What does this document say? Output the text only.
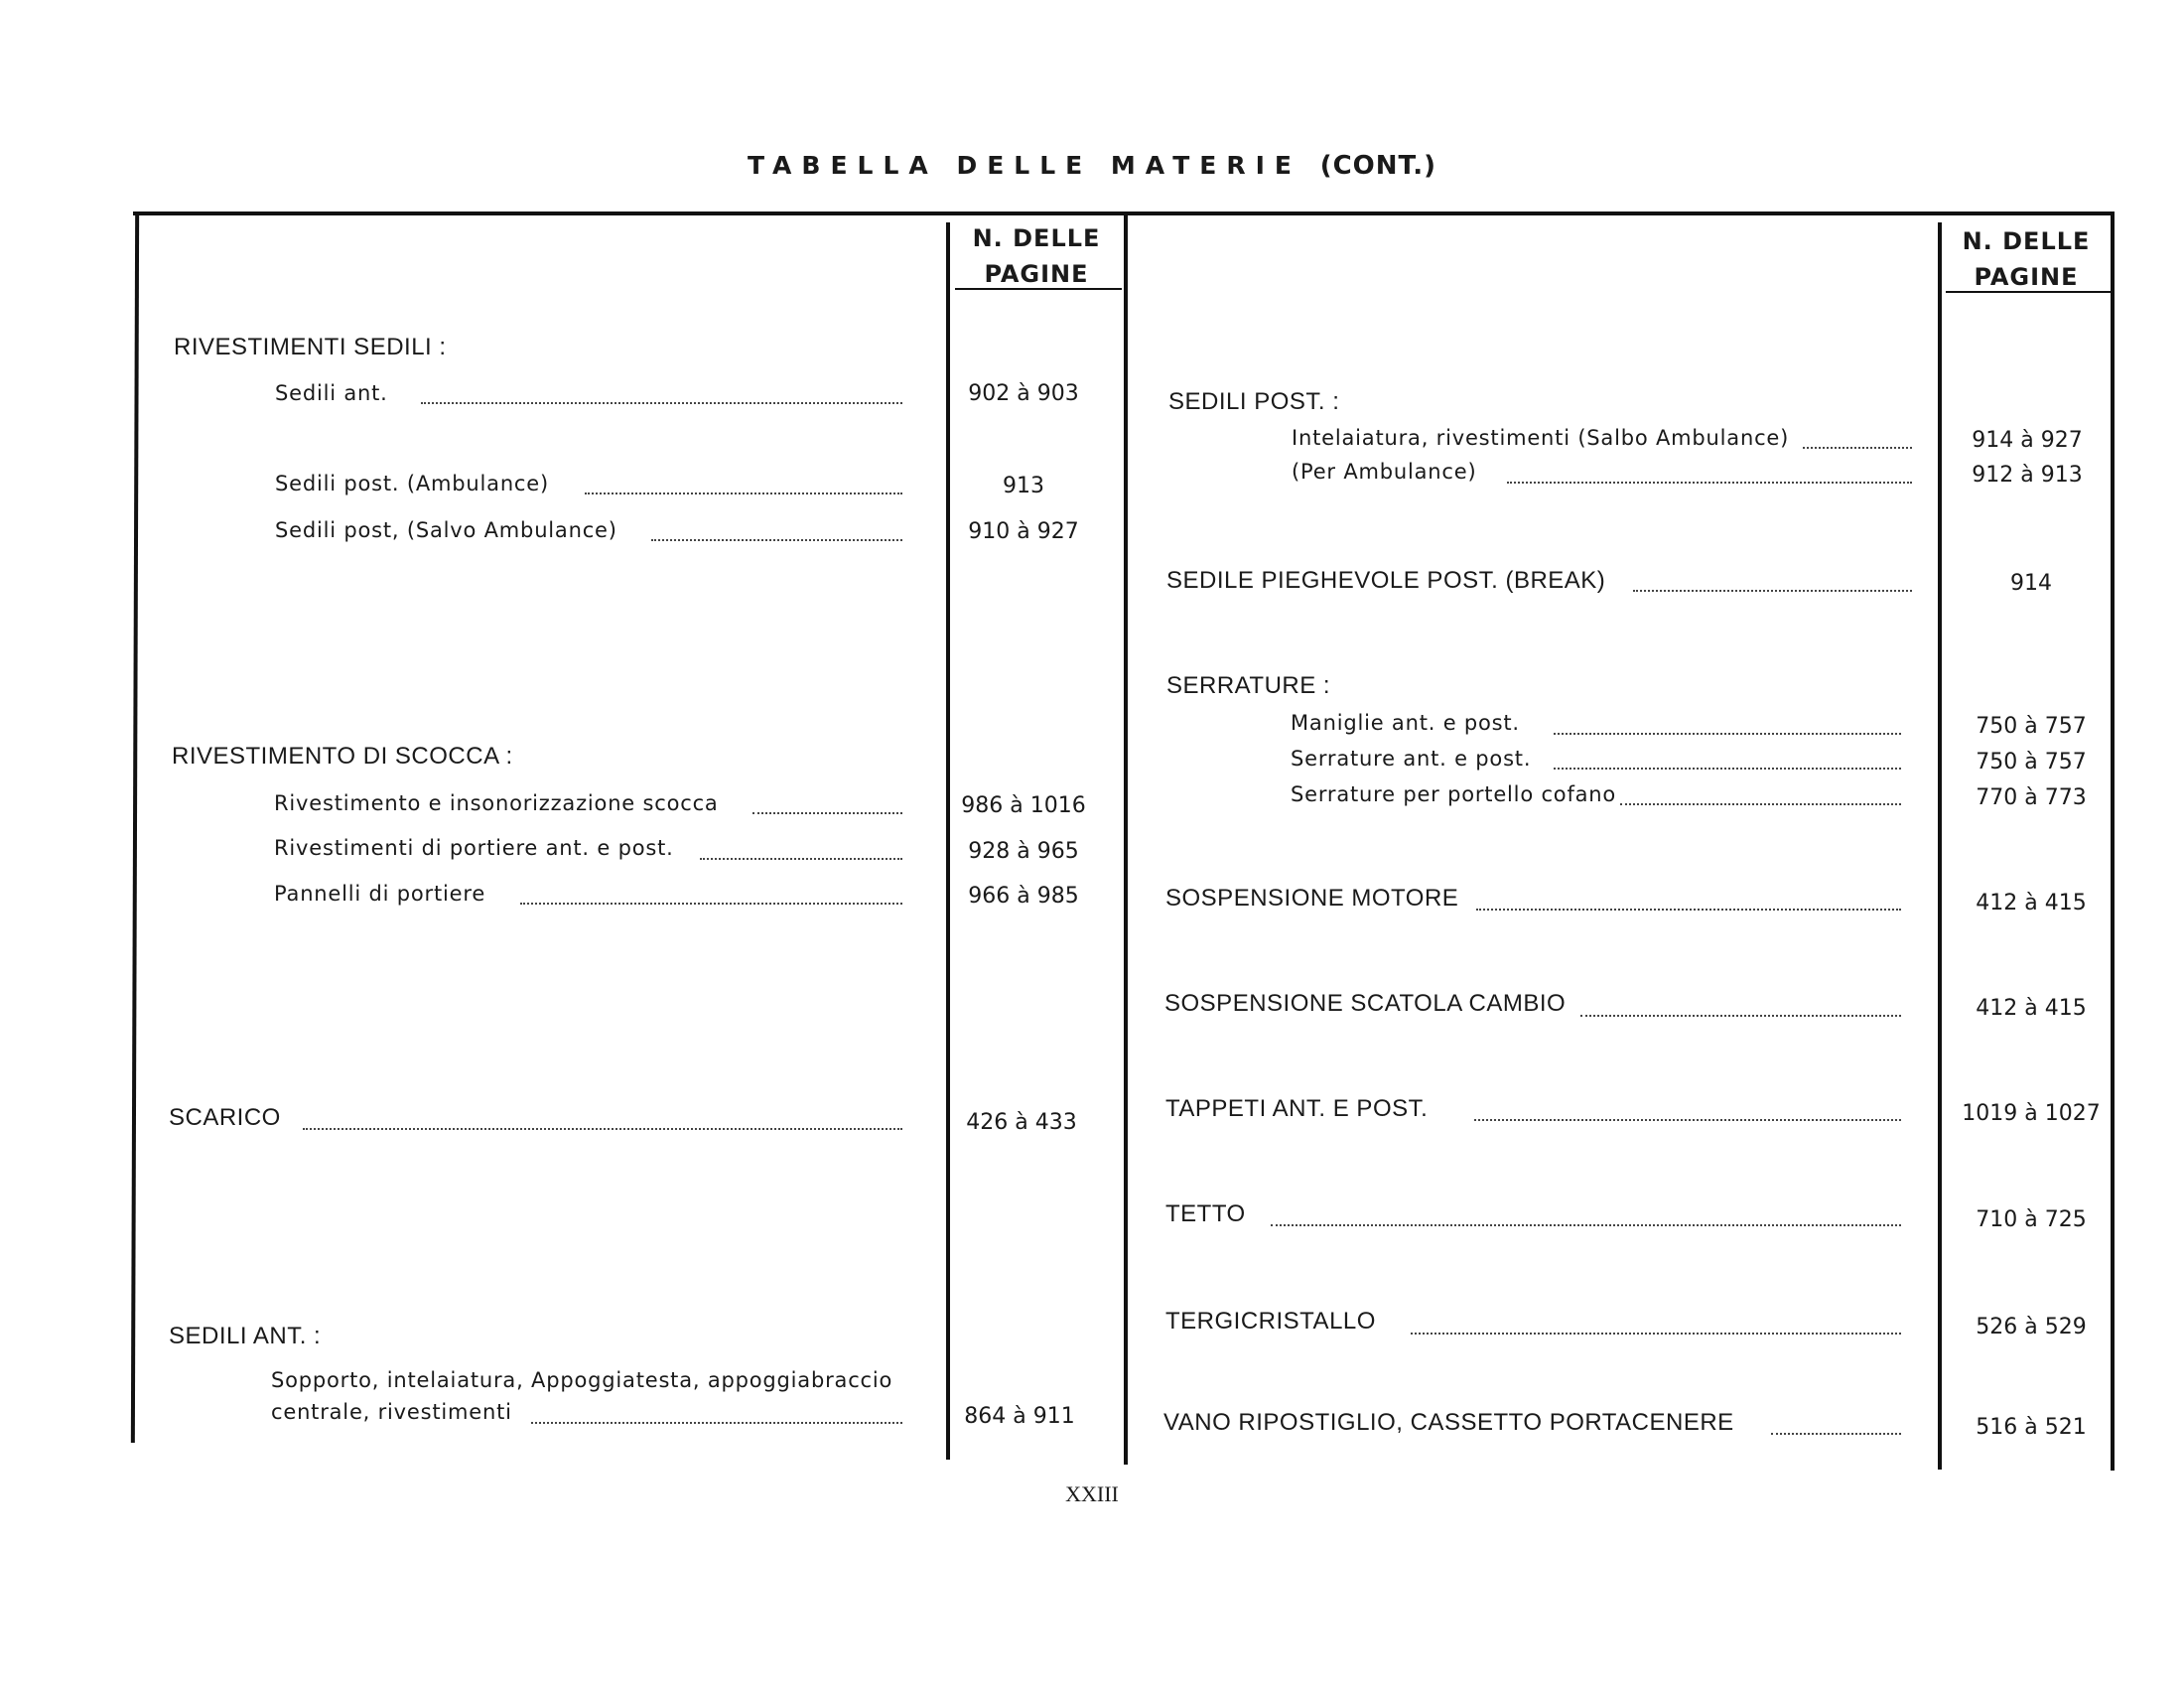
TABELLA DELLE MATERIE (CONT.)
N. DELLE
PAGINE
N. DELLE
PAGINE
RIVESTIMENTI SEDILI :
Sedili ant.	902 à 903
Sedili post. (Ambulance)	913
Sedili post, (Salvo Ambulance)	910 à 927
RIVESTIMENTO DI SCOCCA :
Rivestimento e insonorizzazione scocca	986 à 1016
Rivestimenti di portiere ant. e post.	928 à 965
Pannelli di portiere	966 à 985
SCARICO	426 à 433
SEDILI ANT. :
Sopporto, intelaiatura, Appoggiatesta, appoggiabraccio
centrale, rivestimenti	864 à 911
SEDILI POST. :
Intelaiatura, rivestimenti (Salbo Ambulance)	914 à 927
(Per Ambulance)	912 à 913
SEDILE PIEGHEVOLE POST. (BREAK)	914
SERRATURE :
Maniglie ant. e post.	750 à 757
Serrature ant. e post.	750 à 757
Serrature per portello cofano	770 à 773
SOSPENSIONE MOTORE	412 à 415
SOSPENSIONE SCATOLA CAMBIO	412 à 415
TAPPETI ANT. E POST.	1019 à 1027
TETTO	710 à 725
TERGICRISTALLO	526 à 529
VANO RIPOSTIGLIO, CASSETTO PORTACENERE	516 à 521
XXIII
